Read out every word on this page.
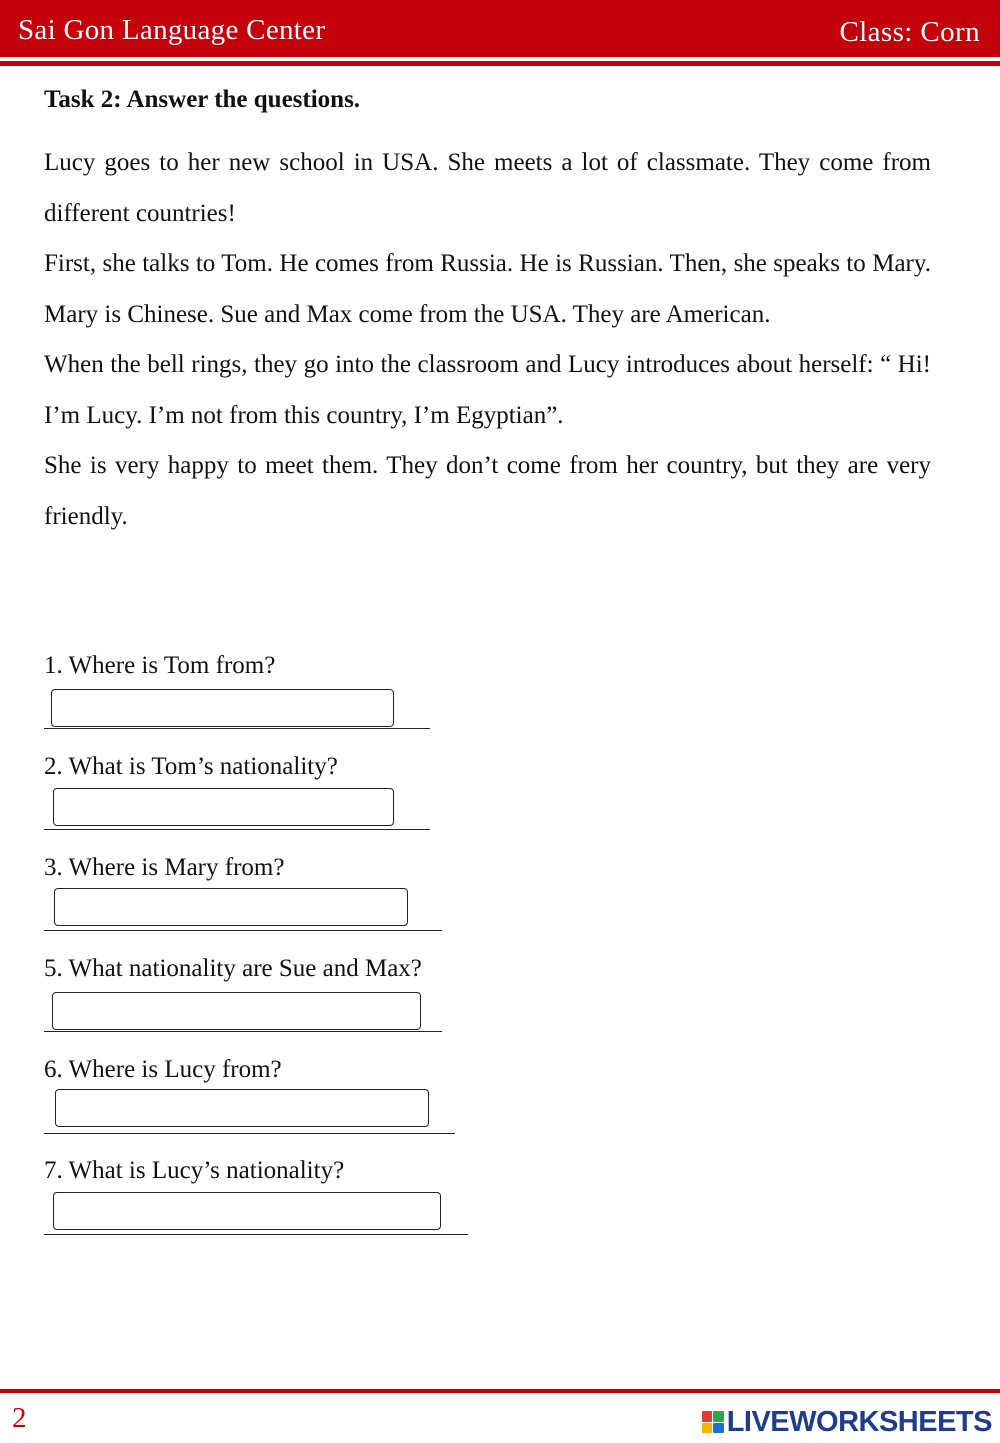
Sai Gon Language Center	Class: Corn
Task 2: Answer the questions.

Lucy goes to her new school in USA. She meets a lot of classmate. They come from different countries!

First, she talks to Tom. He comes from Russia. He is Russian. Then, she speaks to Mary. Mary is Chinese. Sue and Max come from the USA. They are American.

When the bell rings, they go into the classroom and Lucy introduces about herself: “ Hi! I’m Lucy. I’m not from this country, I’m Egyptian”.

She is very happy to meet them. They don’t come from her country, but they are very friendly.

1. Where is Tom from?
2. What is Tom’s nationality?
3. Where is Mary from?
5. What nationality are Sue and Max?
6. Where is Lucy from?
7. What is Lucy’s nationality?
2	LIVEWORKSHEETS
